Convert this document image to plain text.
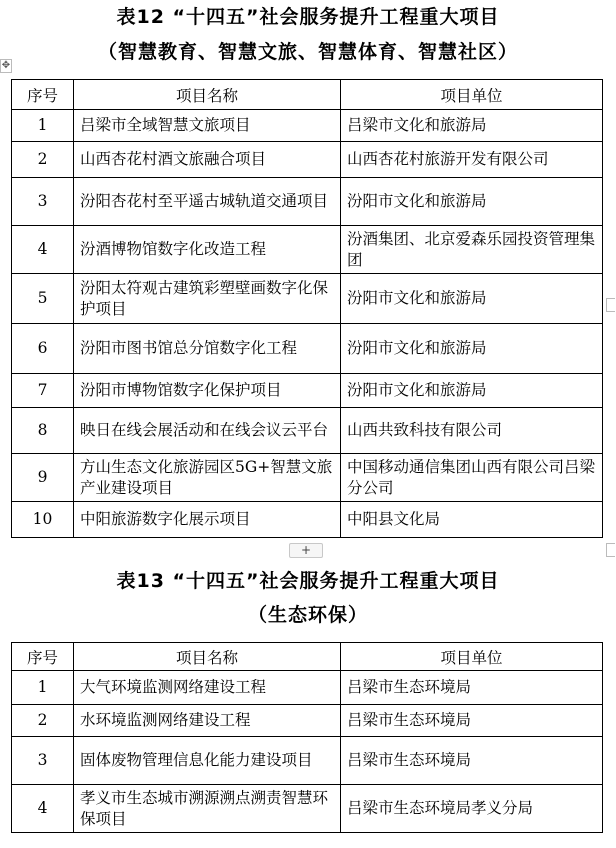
表12 “十四五”社会服务提升工程重大项目
（智慧教育、智慧文旅、智慧体育、智慧社区）
✥
序号	项目名称	项目单位
1	吕梁市全域智慧文旅项目	吕梁市文化和旅游局
2	山西杏花村酒文旅融合项目	山西杏花村旅游开发有限公司
3	汾阳杏花村至平遥古城轨道交通项目	汾阳市文化和旅游局
4	汾酒博物馆数字化改造工程	汾酒集团、北京爱森乐园投资管理集团
5	汾阳太符观古建筑彩塑壁画数字化保护项目	汾阳市文化和旅游局
6	汾阳市图书馆总分馆数字化工程	汾阳市文化和旅游局
7	汾阳市博物馆数字化保护项目	汾阳市文化和旅游局
8	映日在线会展活动和在线会议云平台	山西共致科技有限公司
9	方山生态文化旅游园区5G+智慧文旅产业建设项目	中国移动通信集团山西有限公司吕梁分公司
10	中阳旅游数字化展示项目	中阳县文化局
+
表13 “十四五”社会服务提升工程重大项目
（生态环保）
序号	项目名称	项目单位
1	大气环境监测网络建设工程	吕梁市生态环境局
2	水环境监测网络建设工程	吕梁市生态环境局
3	固体废物管理信息化能力建设项目	吕梁市生态环境局
4	孝义市生态城市溯源溯点溯责智慧环保项目	吕梁市生态环境局孝义分局
